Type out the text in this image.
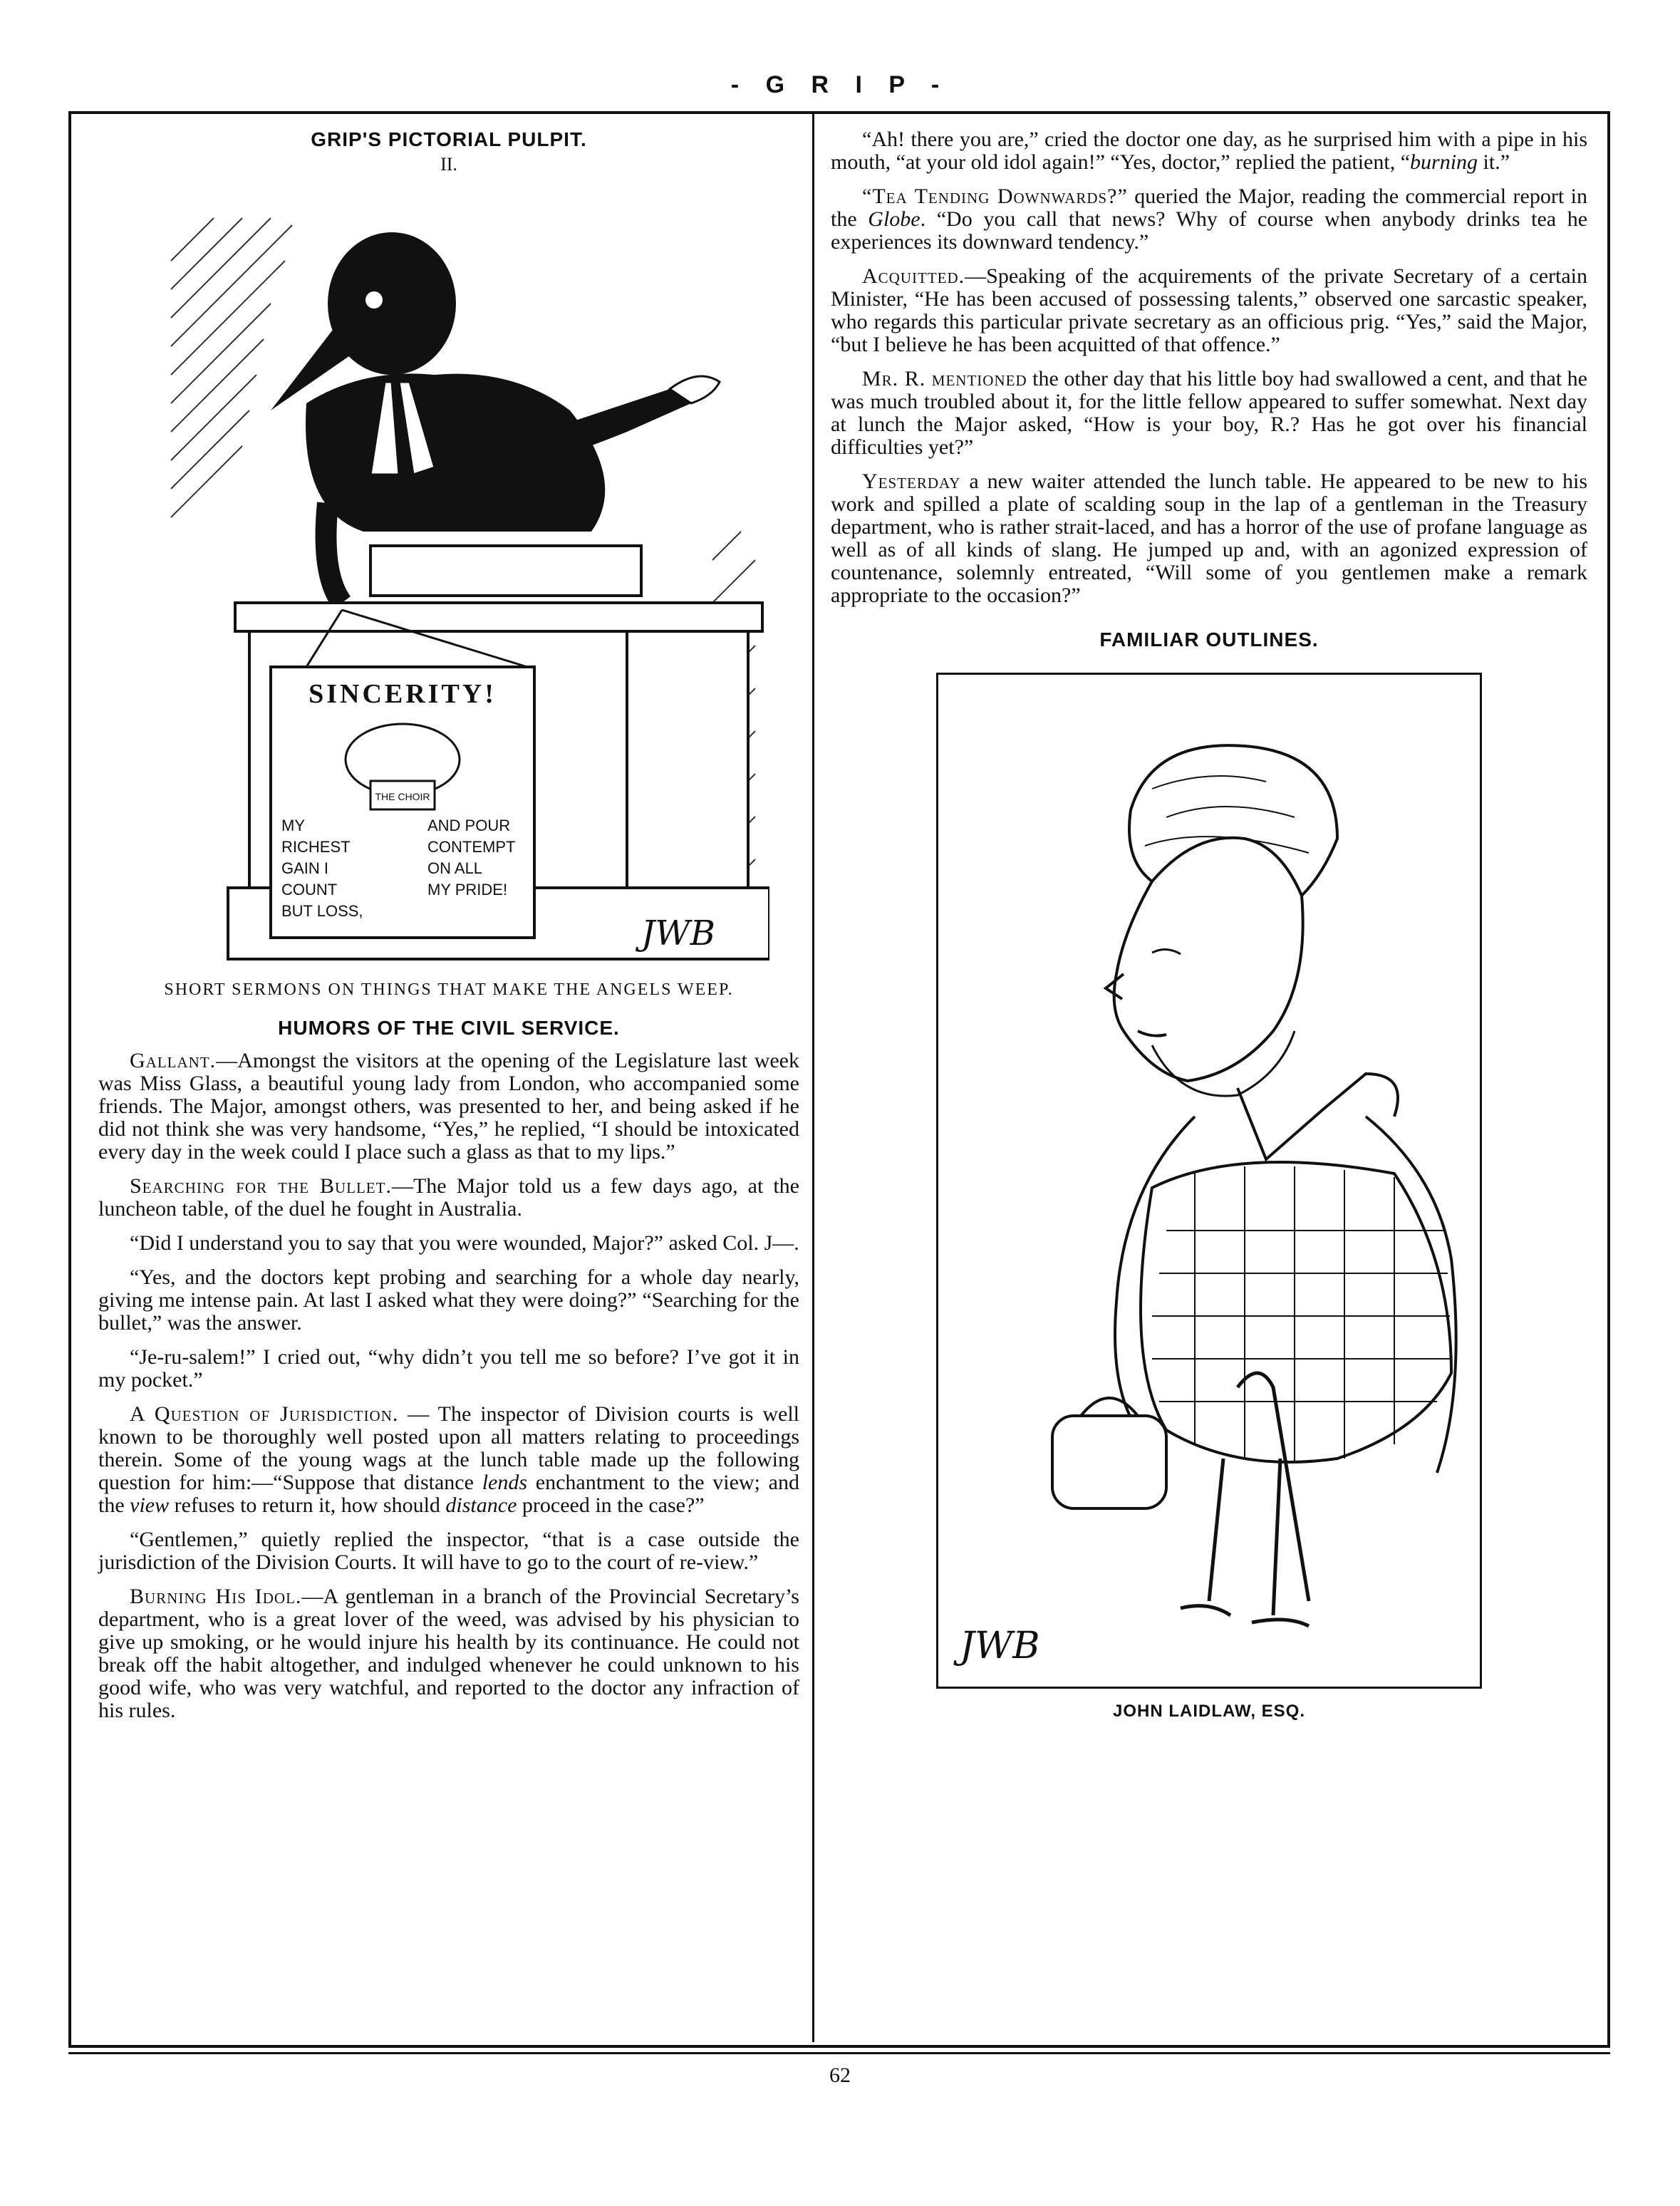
- G R I P -
GRIP'S PICTORIAL PULPIT.
II.
SINCERITY!
THE CHOIR
MY
RICHEST
GAIN I
COUNT
BUT LOSS,
AND POUR
CONTEMPT
ON ALL
MY PRIDE!
JWB
SHORT SERMONS ON THINGS THAT MAKE THE ANGELS WEEP.
HUMORS OF THE CIVIL SERVICE.

Gallant.—Amongst the visitors at the opening of the Legislature last week was Miss Glass, a beautiful young lady from London, who accompanied some friends. The Major, amongst others, was presented to her, and being asked if he did not think she was very handsome, “Yes,” he replied, “I should be intoxicated every day in the week could I place such a glass as that to my lips.”

Searching for the Bullet.—The Major told us a few days ago, at the luncheon table, of the duel he fought in Australia.

“Did I understand you to say that you were wounded, Major?” asked Col. J—.

“Yes, and the doctors kept probing and searching for a whole day nearly, giving me intense pain. At last I asked what they were doing?” “Searching for the bullet,” was the answer.

“Je-ru-salem!” I cried out, “why didn’t you tell me so before? I’ve got it in my pocket.”

A Question of Jurisdiction. — The inspector of Division courts is well known to be thoroughly well posted upon all matters relating to proceedings therein. Some of the young wags at the lunch table made up the following question for him:—“Suppose that distance lends enchantment to the view; and the view refuses to return it, how should distance proceed in the case?”

“Gentlemen,” quietly replied the inspector, “that is a case outside the jurisdiction of the Division Courts. It will have to go to the court of re-view.”

Burning His Idol.—A gentleman in a branch of the Provincial Secretary’s department, who is a great lover of the weed, was advised by his physician to give up smoking, or he would injure his health by its continuance. He could not break off the habit altogether, and indulged whenever he could unknown to his good wife, who was very watchful, and reported to the doctor any infraction of his rules.

“Ah! there you are,” cried the doctor one day, as he surprised him with a pipe in his mouth, “at your old idol again!” “Yes, doctor,” replied the patient, “burning it.”

“Tea Tending Downwards?” queried the Major, reading the commercial report in the Globe. “Do you call that news? Why of course when anybody drinks tea he experiences its downward tendency.”

Acquitted.—Speaking of the acquirements of the private Secretary of a certain Minister, “He has been accused of possessing talents,” observed one sarcastic speaker, who regards this particular private secretary as an officious prig. “Yes,” said the Major, “but I believe he has been acquitted of that offence.”

Mr. R. mentioned the other day that his little boy had swallowed a cent, and that he was much troubled about it, for the little fellow appeared to suffer somewhat. Next day at lunch the Major asked, “How is your boy, R.? Has he got over his financial difficulties yet?”

Yesterday a new waiter attended the lunch table. He appeared to be new to his work and spilled a plate of scalding soup in the lap of a gentleman in the Treasury department, who is rather strait-laced, and has a horror of the use of profane language as well as of all kinds of slang. He jumped up and, with an agonized expression of countenance, solemnly entreated, “Will some of you gentlemen make a remark appropriate to the occasion?”

FAMILIAR OUTLINES.
JWB
JOHN LAIDLAW, ESQ.
62
